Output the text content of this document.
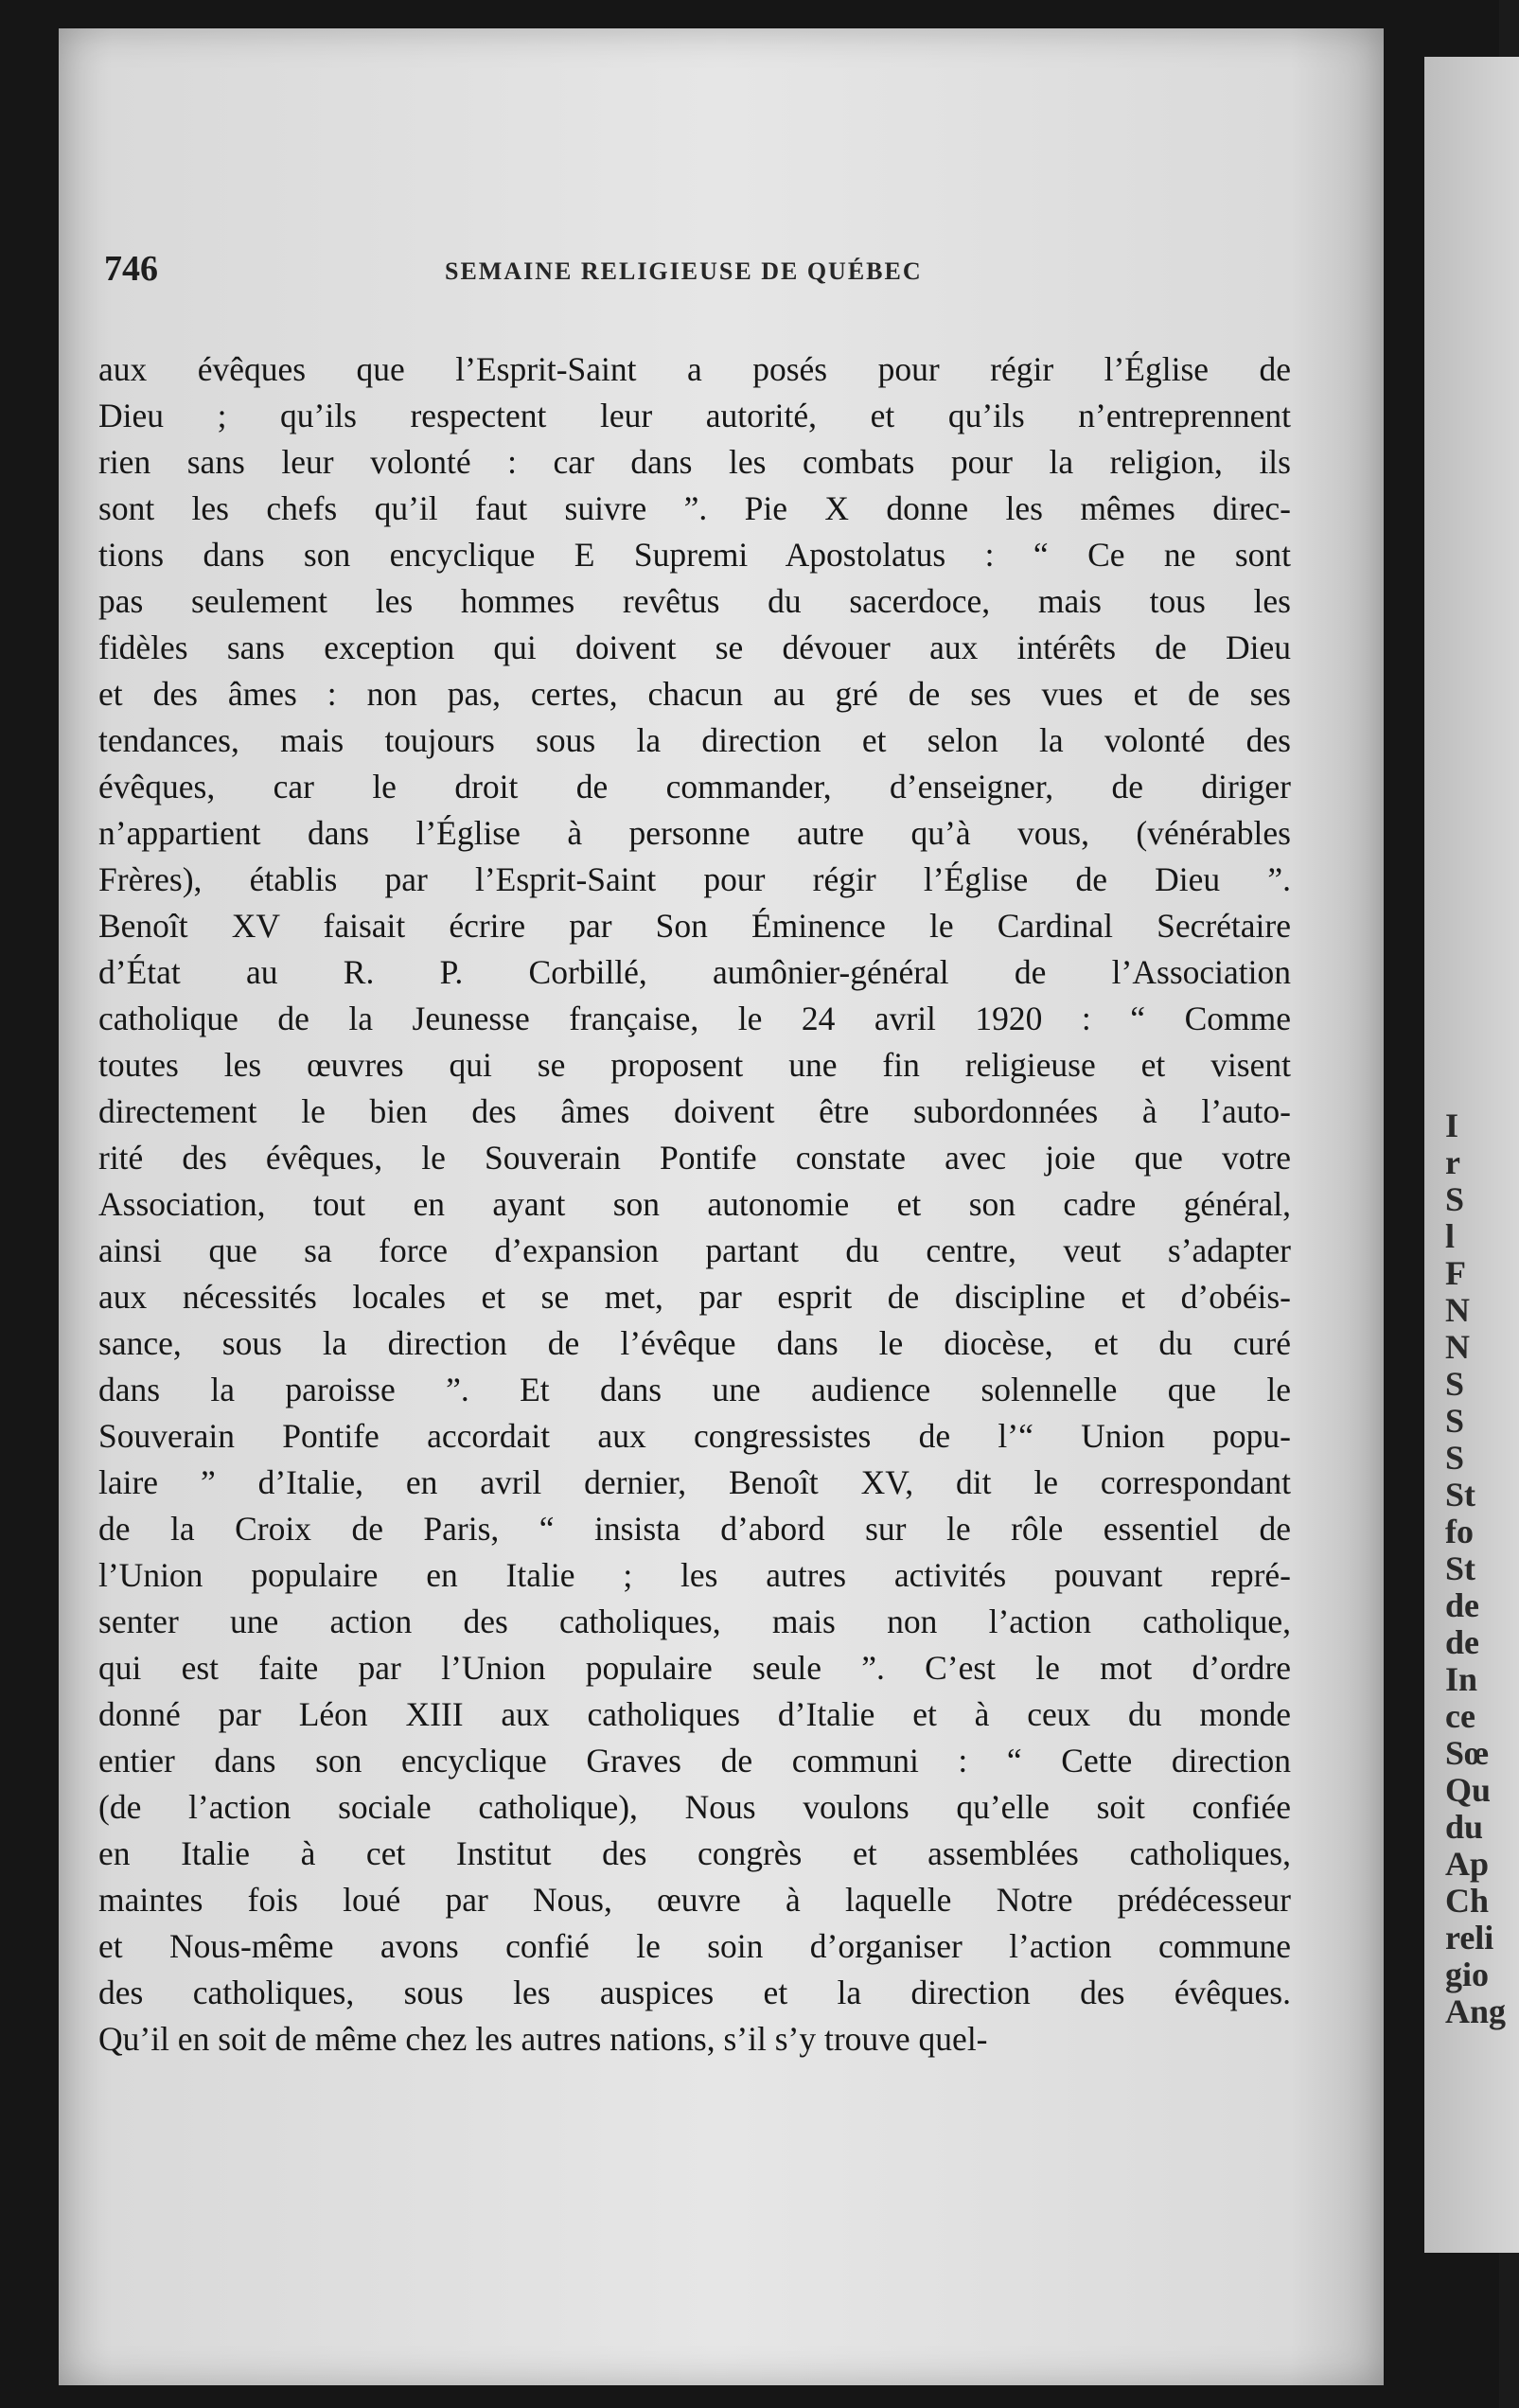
746	SEMAINE RELIGIEUSE DE QUÉBEC
aux évêques que l’Esprit-Saint a posés pour régir l’Église de
Dieu ; qu’ils respectent leur autorité, et qu’ils n’entreprennent
rien sans leur volonté : car dans les combats pour la religion, ils
sont les chefs qu’il faut suivre ”. Pie X donne les mêmes direc-
tions dans son encyclique E Supremi Apostolatus : “ Ce ne sont
pas seulement les hommes revêtus du sacerdoce, mais tous les
fidèles sans exception qui doivent se dévouer aux intérêts de Dieu
et des âmes : non pas, certes, chacun au gré de ses vues et de ses
tendances, mais toujours sous la direction et selon la volonté des
évêques, car le droit de commander, d’enseigner, de diriger
n’appartient dans l’Église à personne autre qu’à vous, (vénérables
Frères), établis par l’Esprit-Saint pour régir l’Église de Dieu ”.
Benoît XV faisait écrire par Son Éminence le Cardinal Secrétaire
d’État au R. P. Corbillé, aumônier-général de l’Association
catholique de la Jeunesse française, le 24 avril 1920 : “ Comme
toutes les œuvres qui se proposent une fin religieuse et visent
directement le bien des âmes doivent être subordonnées à l’auto-
rité des évêques, le Souverain Pontife constate avec joie que votre
Association, tout en ayant son autonomie et son cadre général,
ainsi que sa force d’expansion partant du centre, veut s’adapter
aux nécessités locales et se met, par esprit de discipline et d’obéis-
sance, sous la direction de l’évêque dans le diocèse, et du curé
dans la paroisse ”. Et dans une audience solennelle que le
Souverain Pontife accordait aux congressistes de l’“ Union popu-
laire ” d’Italie, en avril dernier, Benoît XV, dit le correspondant
de la Croix de Paris, “ insista d’abord sur le rôle essentiel de
l’Union populaire en Italie ; les autres activités pouvant repré-
senter une action des catholiques, mais non l’action catholique,
qui est faite par l’Union populaire seule ”. C’est le mot d’ordre
donné par Léon XIII aux catholiques d’Italie et à ceux du monde
entier dans son encyclique Graves de communi : “ Cette direction
(de l’action sociale catholique), Nous voulons qu’elle soit confiée
en Italie à cet Institut des congrès et assemblées catholiques,
maintes fois loué par Nous, œuvre à laquelle Notre prédécesseur
et Nous-même avons confié le soin d’organiser l’action commune
des catholiques, sous les auspices et la direction des évêques.
Qu’il en soit de même chez les autres nations, s’il s’y trouve quel-
I
r
S
l
F
N
N
S
S
S
St
fo
St
de
de
In
ce
Sœ
Qu
du
Ap
Ch
reli
gio
Ang
